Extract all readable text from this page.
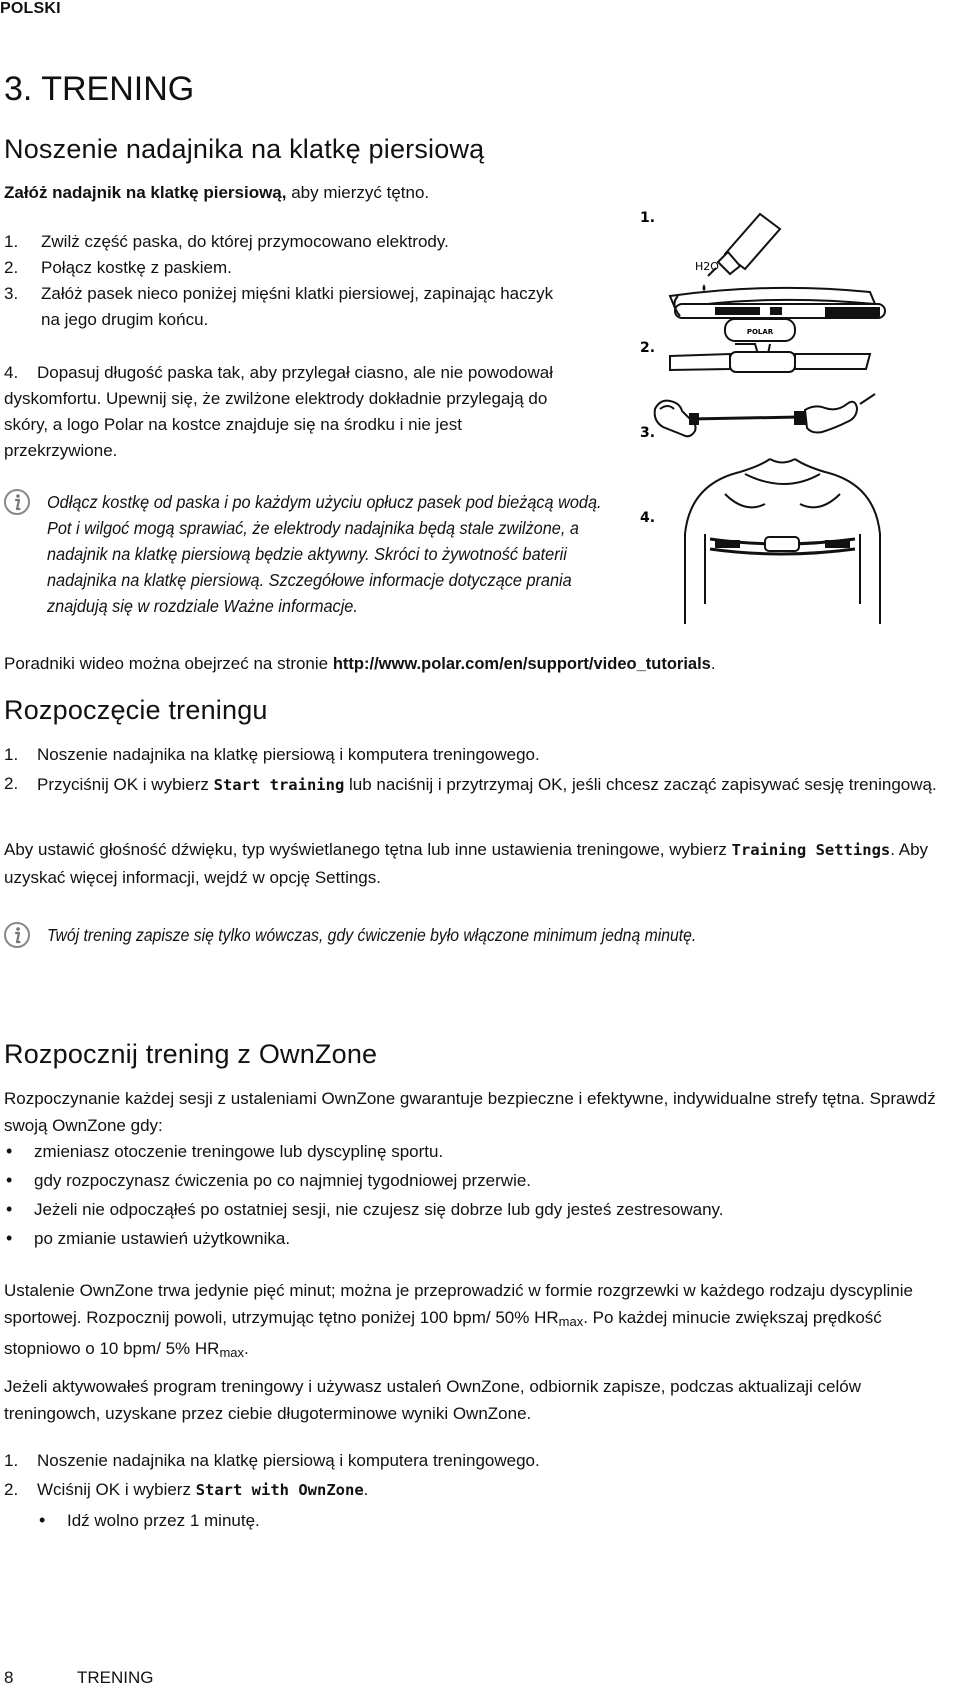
POLSKI
3. TRENING
Noszenie nadajnika na klatkę piersiową
Załóż nadajnik na klatkę piersiową, aby mierzyć tętno.
1. Zwilż część paska, do której przymocowano elektrody.
2. Połącz kostkę z paskiem.
3. Załóż pasek nieco poniżej mięśni klatki piersiowej, zapinając haczyk na jego drugim końcu.
4. Dopasuj długość paska tak, aby przylegał ciasno, ale nie powodował dyskomfortu. Upewnij się, że zwilżone elektrody dokładnie przylegają do skóry, a logo Polar na kostce znajduje się na środku i nie jest przekrzywione.
Odłącz kostkę od paska i po każdym użyciu opłucz pasek pod bieżącą wodą. Pot i wilgoć mogą sprawiać, że elektrody nadajnika będą stale zwilżone, a nadajnik na klatkę piersiową będzie aktywny. Skróci to żywotność baterii nadajnika na klatkę piersiową. Szczegółowe informacje dotyczące prania znajdują się w rozdziale Ważne informacje.
1.
2.
3.
4.
H2O
POLAR
Poradniki wideo można obejrzeć na stronie http://www.polar.com/en/support/video_tutorials.
Rozpoczęcie treningu
1. Noszenie nadajnika na klatkę piersiową i komputera treningowego.
2.	Przyciśnij OK i wybierz Start training lub naciśnij i przytrzymaj OK, jeśli chcesz zacząć zapisywać sesję treningową.
Aby ustawić głośność dźwięku, typ wyświetlanego tętna lub inne ustawienia treningowe, wybierz Training Settings. Aby uzyskać więcej informacji, wejdź w opcję Settings.
Twój trening zapisze się tylko wówczas, gdy ćwiczenie było włączone minimum jedną minutę.
Rozpocznij trening z OwnZone
Rozpoczynanie każdej sesji z ustaleniami OwnZone gwarantuje bezpieczne i efektywne, indywidualne strefy tętna. Sprawdź swoją OwnZone gdy:
• zmieniasz otoczenie treningowe lub dyscyplinę sportu.
• gdy rozpoczynasz ćwiczenia po co najmniej tygodniowej przerwie.
• Jeżeli nie odpocząłeś po ostatniej sesji, nie czujesz się dobrze lub gdy jesteś zestresowany.
• po zmianie ustawień użytkownika.
Ustalenie OwnZone trwa jedynie pięć minut; można je przeprowadzić w formie rozgrzewki w każdego rodzaju dyscyplinie sportowej. Rozpocznij powoli, utrzymując tętno poniżej 100 bpm/ 50% $HR_{max}$. Po każdej minucie zwiększaj prędkość stopniowo o 10 bpm/ 5% $HR_{max}$.
Jeżeli aktywowałeś program treningowy i używasz ustaleń OwnZone, odbiornik zapisze, podczas aktualizaji celów treningowch, uzyskane przez ciebie długoterminowe wyniki OwnZone.
1. Noszenie nadajnika na klatkę piersiową i komputera treningowego.
2. Wciśnij OK i wybierz Start with OwnZone.
• Idź wolno przez 1 minutę.
8	TRENING
